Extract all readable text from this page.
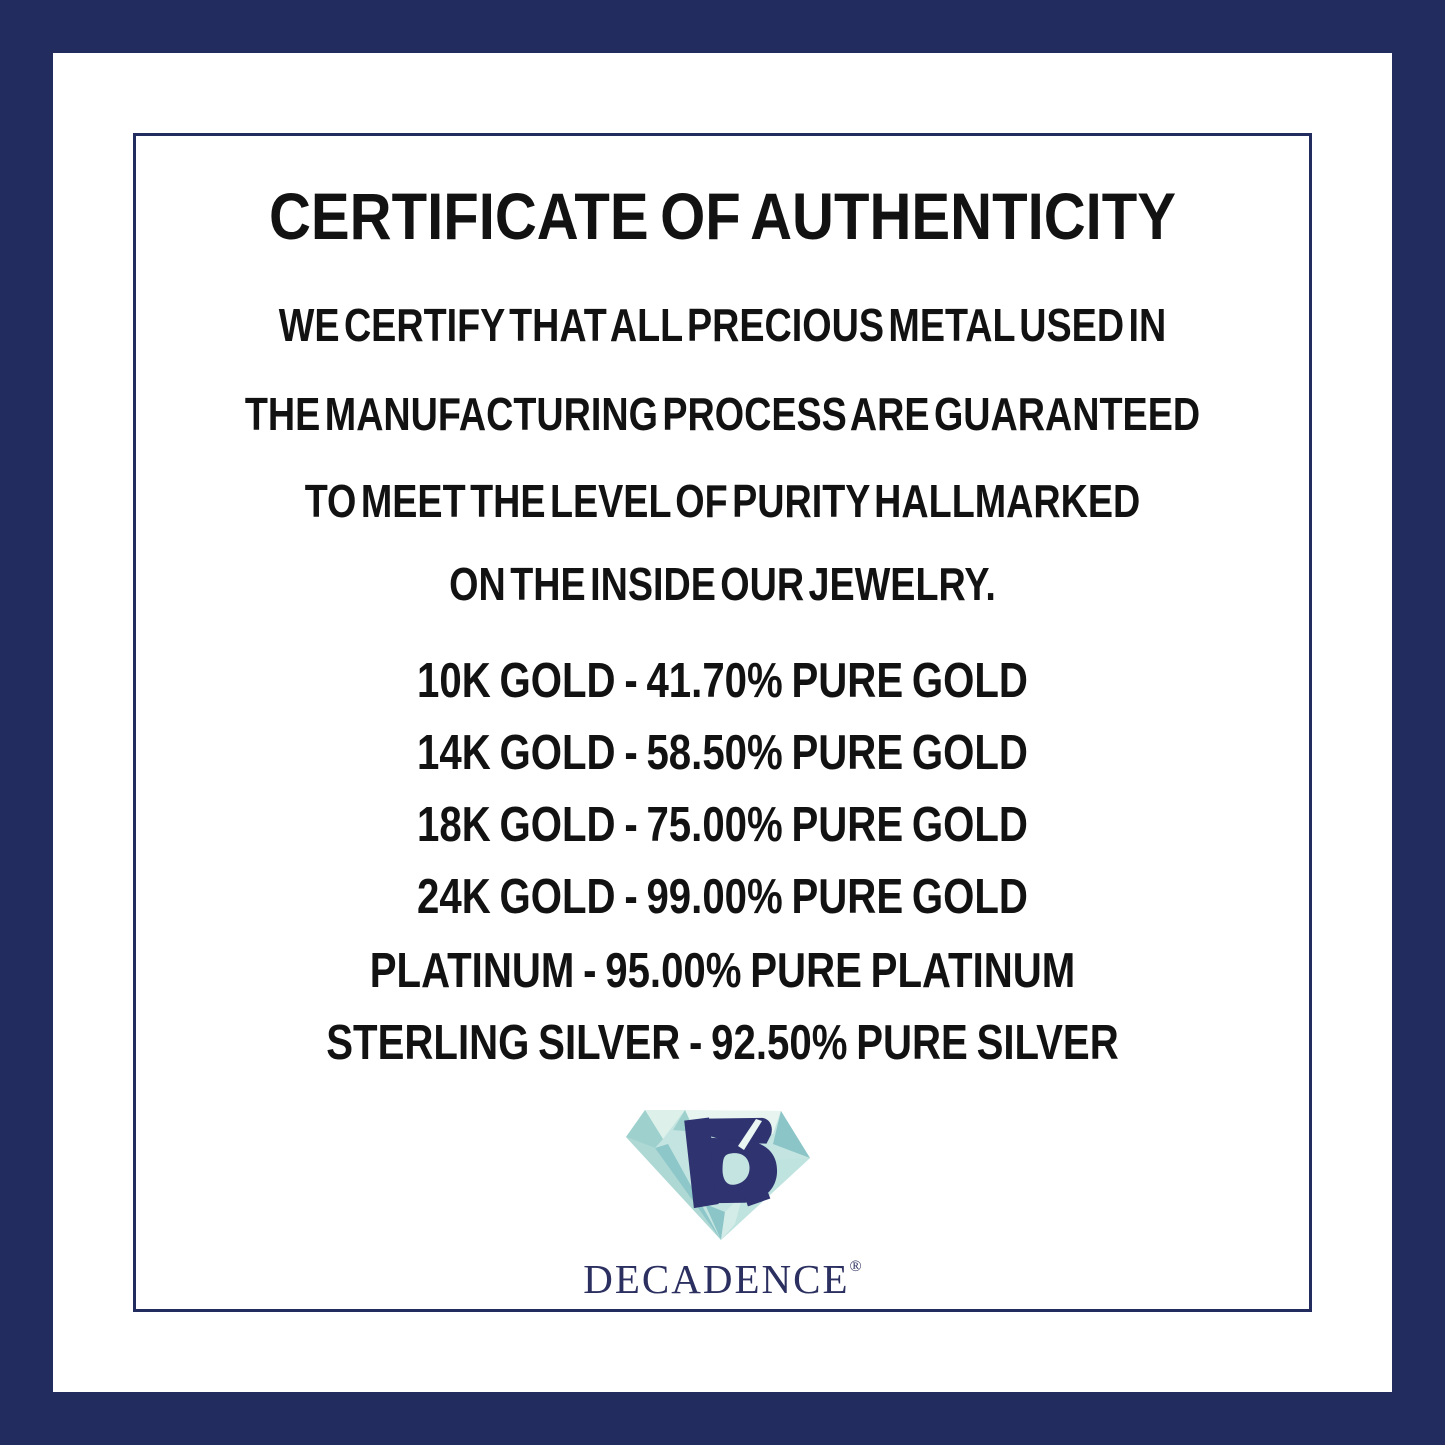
CERTIFICATE OF AUTHENTICITY
WE CERTIFY THAT ALL PRECIOUS METAL USED IN
THE MANUFACTURING PROCESS ARE GUARANTEED
TO MEET THE LEVEL OF PURITY HALLMARKED
ON THE INSIDE OUR JEWELRY.
10K GOLD - 41.70% PURE GOLD
14K GOLD - 58.50% PURE GOLD
18K GOLD - 75.00% PURE GOLD
24K GOLD - 99.00% PURE GOLD
PLATINUM - 95.00% PURE PLATINUM
STERLING SILVER - 92.50% PURE SILVER
DECADENCE®
